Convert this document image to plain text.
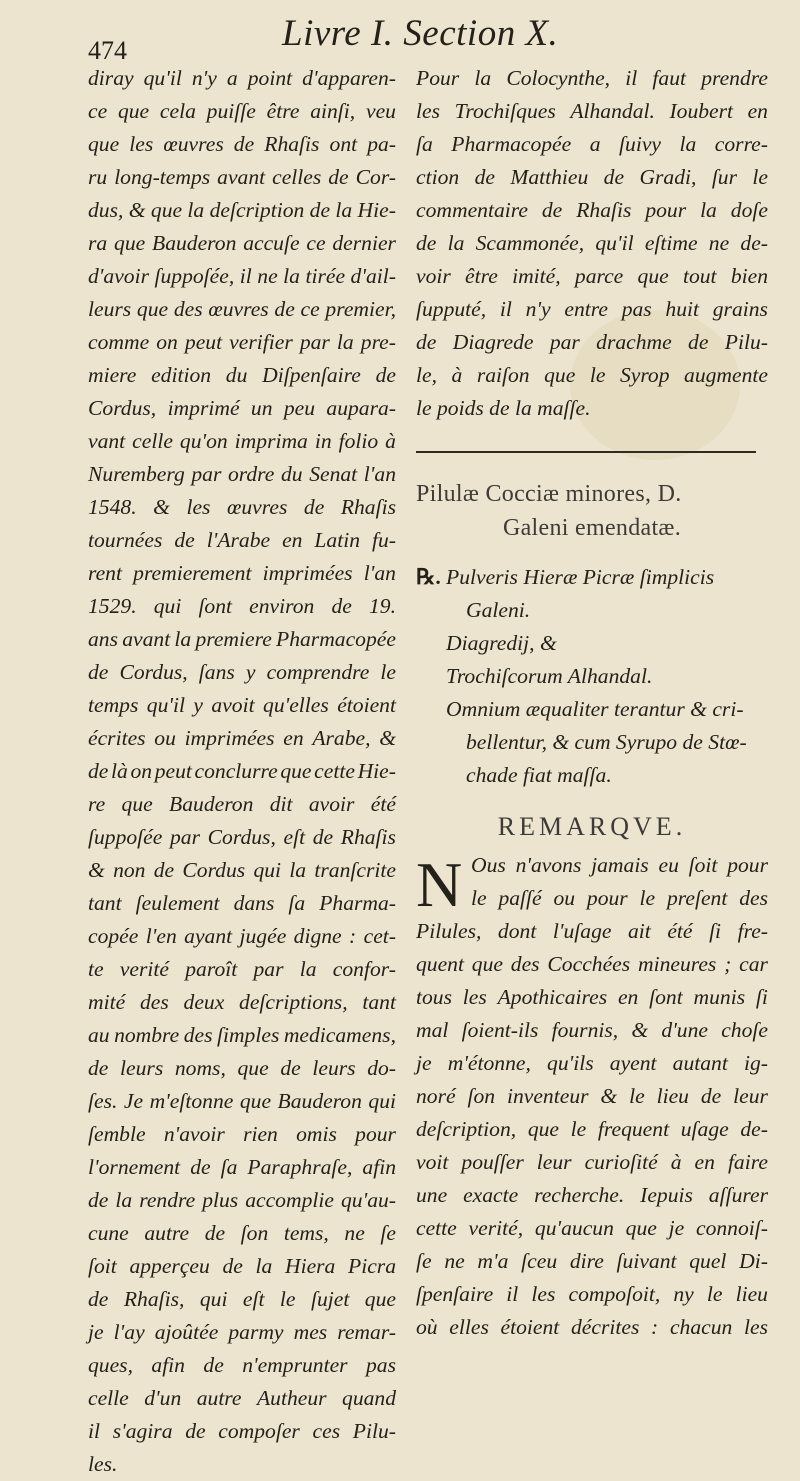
474	Livre I. Section X.
diray qu'il n'y a point d'apparen-
ce que cela puiſſe être ainſi, veu
que les œuvres de Rhaſis ont pa-
ru long-temps avant celles de Cor-
dus, & que la deſcription de la Hie-
ra que Bauderon accuſe ce dernier
d'avoir ſuppoſée, il ne la tirée d'ail-
leurs que des œuvres de ce premier,
comme on peut verifier par la pre-
miere edition du Diſpenſaire de
Cordus, imprimé un peu aupara-
vant celle qu'on imprima in folio à
Nuremberg par ordre du Senat l'an
1548. & les œuvres de Rhaſis
tournées de l'Arabe en Latin fu-
rent premierement imprimées l'an
1529. qui ſont environ de 19.
ans avant la premiere Pharmacopée
de Cordus, ſans y comprendre le
temps qu'il y avoit qu'elles étoient
écrites ou imprimées en Arabe, &
de là on peut conclurre que cette Hie-
re que Bauderon dit avoir été
ſuppoſée par Cordus, eſt de Rhaſis
& non de Cordus qui la tranſcrite
tant ſeulement dans ſa Pharma-
copée l'en ayant jugée digne : cet-
te verité paroît par la confor-
mité des deux deſcriptions, tant
au nombre des ſimples medicamens,
de leurs noms, que de leurs do-
ſes. Je m'eſtonne que Bauderon qui
ſemble n'avoir rien omis pour
l'ornement de ſa Paraphraſe, afin
de la rendre plus accomplie qu'au-
cune autre de ſon tems, ne ſe
ſoit apperçeu de la Hiera Picra
de Rhaſis, qui eſt le ſujet que
je l'ay ajoûtée parmy mes remar-
ques, afin de n'emprunter pas
celle d'un autre Autheur quand
il s'agira de compoſer ces Pilu-
les.
Pour la Colocynthe, il faut prendre
les Trochiſques Alhandal. Ioubert en
ſa Pharmacopée a ſuivy la corre-
ction de Matthieu de Gradi, ſur le
commentaire de Rhaſis pour la doſe
de la Scammonée, qu'il eſtime ne de-
voir être imité, parce que tout bien
ſupputé, il n'y entre pas huit grains
de Diagrede par drachme de Pilu-
le, à raiſon que le Syrop augmente
le poids de la maſſe.
Pilulæ Cocciæ minores, D.
Galeni emendatæ.
℞. Pulveris Hieræ Picræ ſimplicis
Galeni.
Diagredij, &
Trochiſcorum Alhandal.
Omnium æqualiter terantur & cri-
bellentur, & cum Syrupo de Stœ-
chade fiat maſſa.
REMARQVE.
N Ous n'avons jamais eu ſoit pour
le paſſé ou pour le preſent des
Pilules, dont l'uſage ait été ſi fre-
quent que des Cocchées mineures ; car
tous les Apothicaires en ſont munis ſi
mal ſoient-ils fournis, & d'une choſe
je m'étonne, qu'ils ayent autant ig-
noré ſon inventeur & le lieu de leur
deſcription, que le frequent uſage de-
voit pouſſer leur curioſité à en faire
une exacte recherche. Iepuis aſſurer
cette verité, qu'aucun que je connoiſ-
ſe ne m'a ſceu dire ſuivant quel Di-
ſpenſaire il les compoſoit, ny le lieu
où elles étoient décrites : chacun les
